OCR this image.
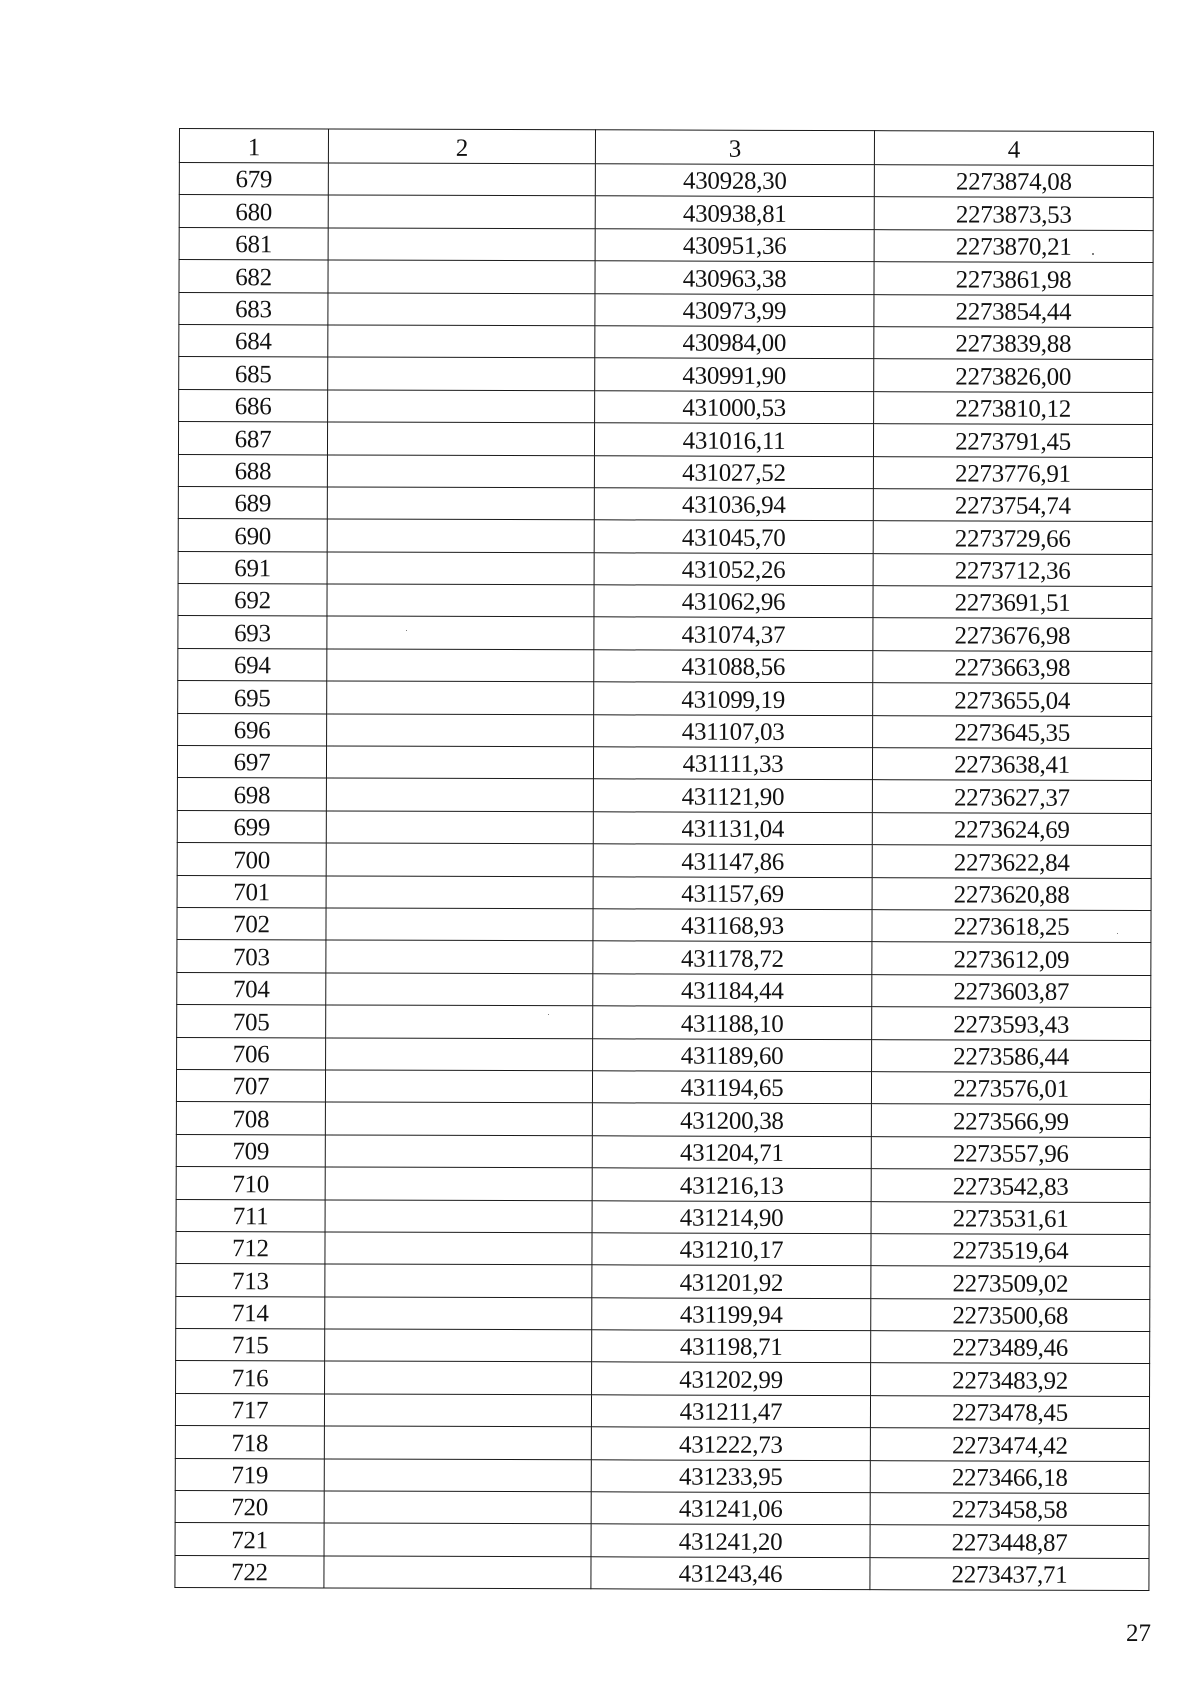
1	2	3	4
679		430928,30	2273874,08
680		430938,81	2273873,53
681		430951,36	2273870,21
682		430963,38	2273861,98
683		430973,99	2273854,44
684		430984,00	2273839,88
685		430991,90	2273826,00
686		431000,53	2273810,12
687		431016,11	2273791,45
688		431027,52	2273776,91
689		431036,94	2273754,74
690		431045,70	2273729,66
691		431052,26	2273712,36
692		431062,96	2273691,51
693		431074,37	2273676,98
694		431088,56	2273663,98
695		431099,19	2273655,04
696		431107,03	2273645,35
697		431111,33	2273638,41
698		431121,90	2273627,37
699		431131,04	2273624,69
700		431147,86	2273622,84
701		431157,69	2273620,88
702		431168,93	2273618,25
703		431178,72	2273612,09
704		431184,44	2273603,87
705		431188,10	2273593,43
706		431189,60	2273586,44
707		431194,65	2273576,01
708		431200,38	2273566,99
709		431204,71	2273557,96
710		431216,13	2273542,83
711		431214,90	2273531,61
712		431210,17	2273519,64
713		431201,92	2273509,02
714		431199,94	2273500,68
715		431198,71	2273489,46
716		431202,99	2273483,92
717		431211,47	2273478,45
718		431222,73	2273474,42
719		431233,95	2273466,18
720		431241,06	2273458,58
721		431241,20	2273448,87
722		431243,46	2273437,71
27
